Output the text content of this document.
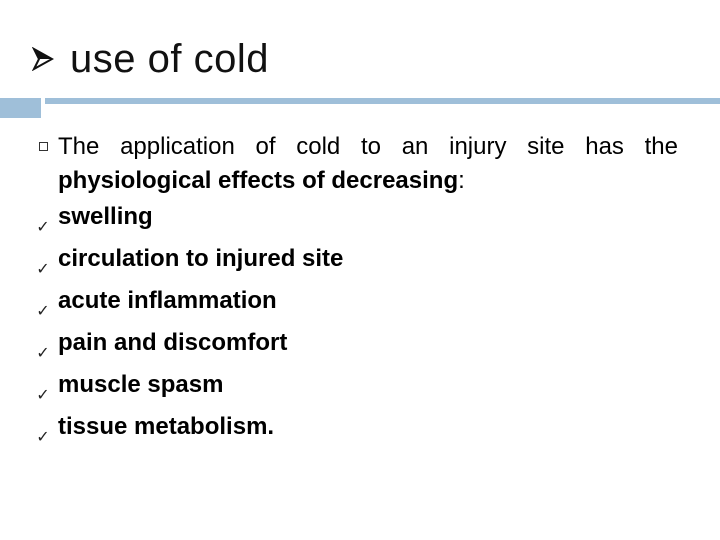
use of cold
The application of cold to an injury site has the
physiological effects of decreasing:
✓ swelling
✓ circulation to injured site
✓ acute inflammation
✓ pain and discomfort
✓ muscle spasm
✓ tissue metabolism.
